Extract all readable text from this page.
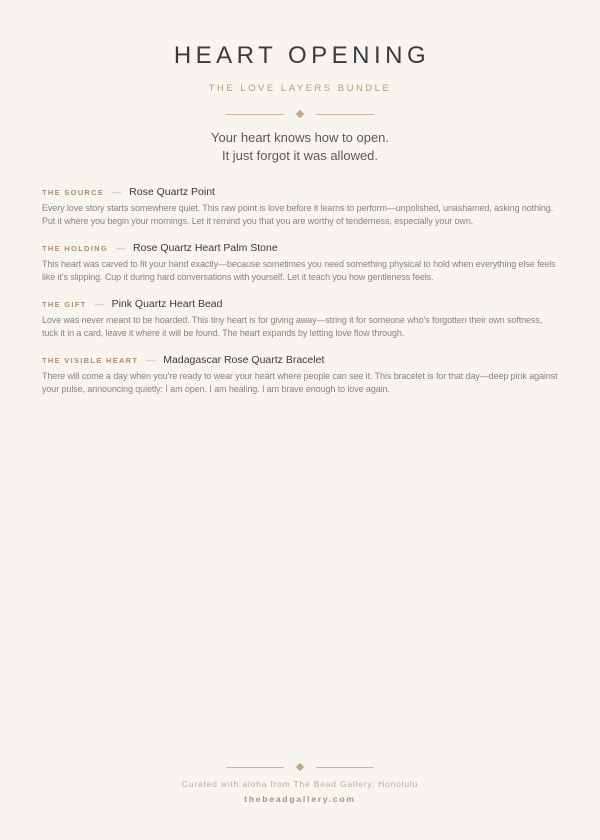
HEART OPENING
THE LOVE LAYERS BUNDLE
Your heart knows how to open.
It just forgot it was allowed.
THE SOURCE — Rose Quartz Point
Every love story starts somewhere quiet. This raw point is love before it learns to perform—unpolished, unashamed, asking nothing. Put it where you begin your mornings. Let it remind you that you are worthy of tenderness, especially your own.
THE HOLDING — Rose Quartz Heart Palm Stone
This heart was carved to fit your hand exactly—because sometimes you need something physical to hold when everything else feels like it’s slipping. Cup it during hard conversations with yourself. Let it teach you how gentleness feels.
THE GIFT — Pink Quartz Heart Bead
Love was never meant to be hoarded. This tiny heart is for giving away—string it for someone who’s forgotten their own softness, tuck it in a card, leave it where it will be found. The heart expands by letting love flow through.
THE VISIBLE HEART — Madagascar Rose Quartz Bracelet
There will come a day when you’re ready to wear your heart where people can see it. This bracelet is for that day—deep pink against your pulse, announcing quietly: I am open. I am healing. I am brave enough to love again.
Curated with aloha from The Bead Gallery, Honolulu
thebeadgallery.com
